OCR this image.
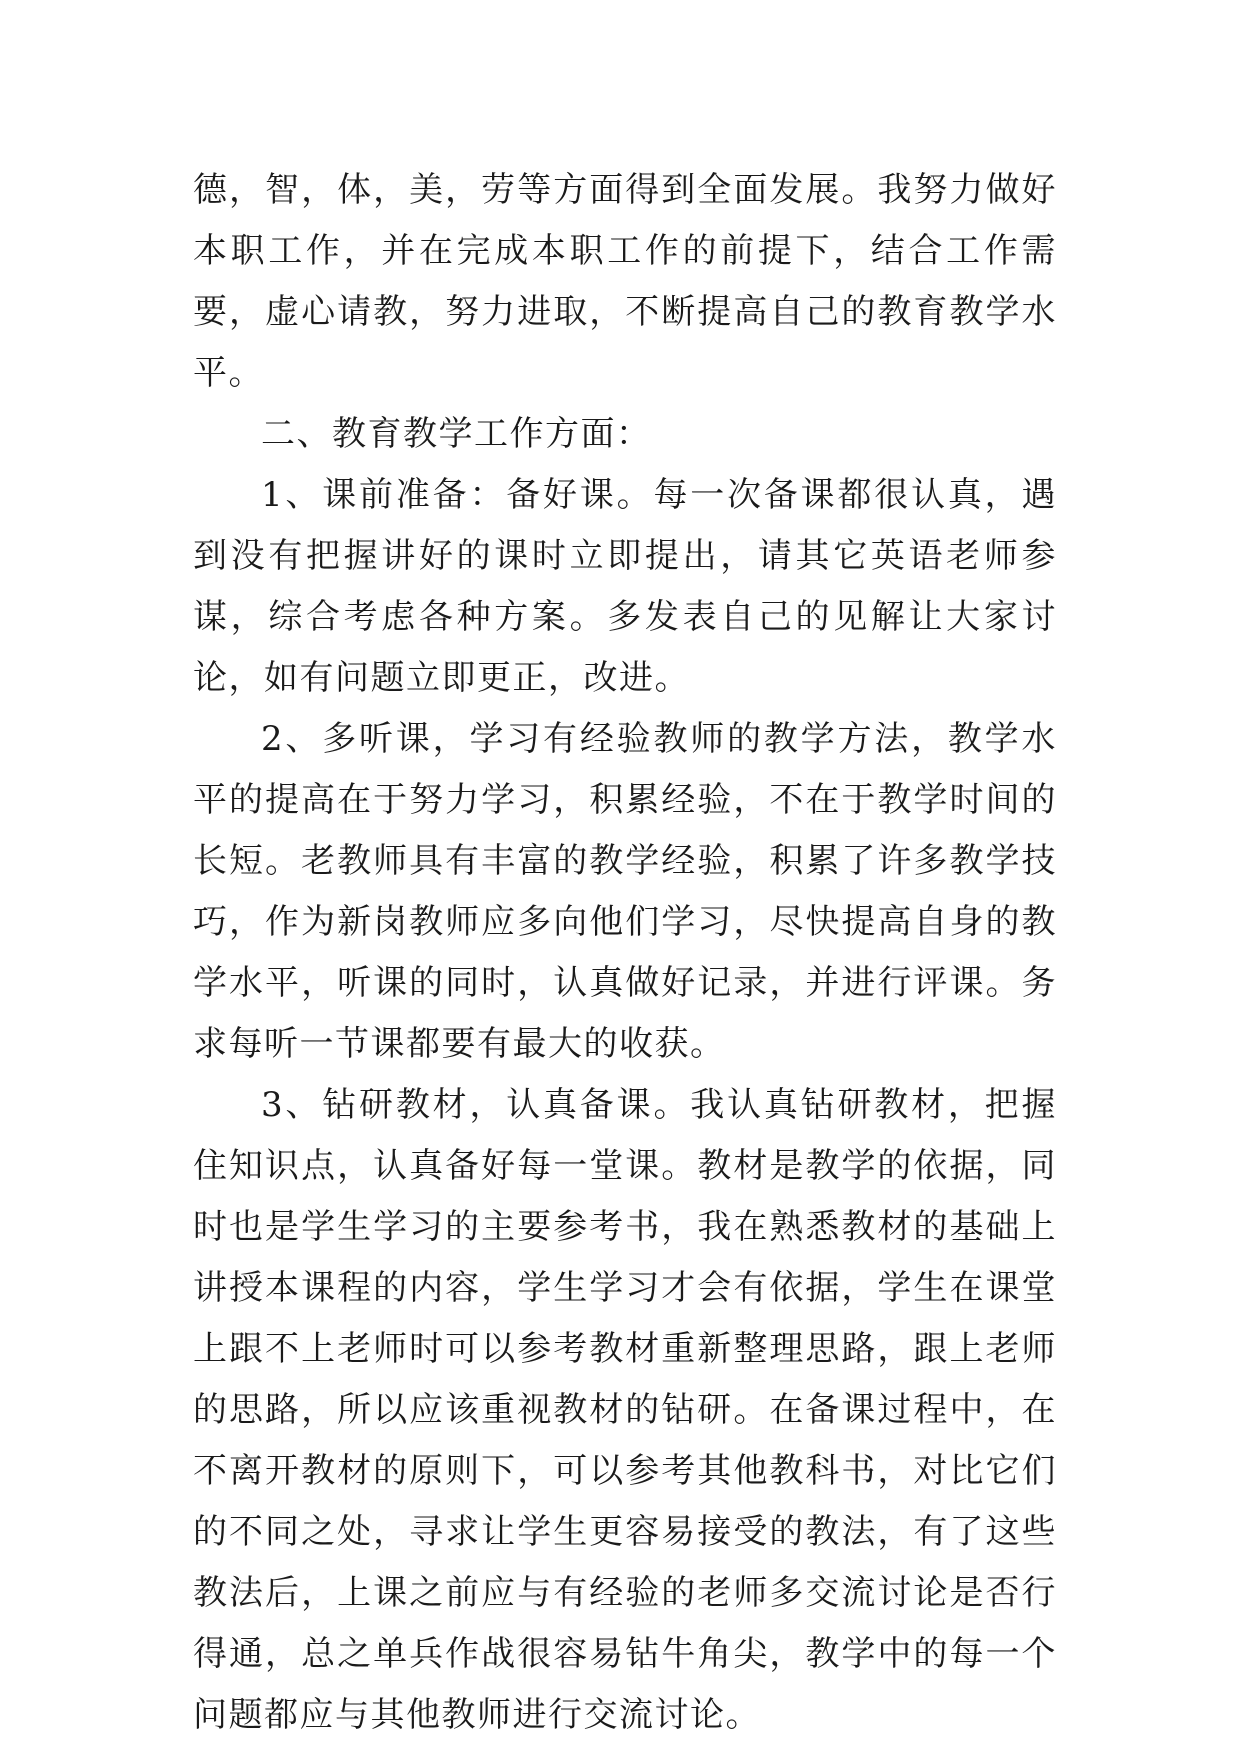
德，智，体，美，劳等方面得到全面发展。我努力做好本职工作，并在完成本职工作的前提下，结合工作需要，虚心请教，努力进取，不断提高自己的教育教学水平。

二、教育教学工作方面：

1、课前准备：备好课。每一次备课都很认真，遇到没有把握讲好的课时立即提出，请其它英语老师参谋，综合考虑各种方案。多发表自己的见解让大家讨论，如有问题立即更正，改进。

2、多听课，学习有经验教师的教学方法，教学水平的提高在于努力学习，积累经验，不在于教学时间的长短。老教师具有丰富的教学经验，积累了许多教学技巧，作为新岗教师应多向他们学习，尽快提高自身的教学水平，听课的同时，认真做好记录，并进行评课。务求每听一节课都要有最大的收获。

3、钻研教材，认真备课。我认真钻研教材，把握住知识点，认真备好每一堂课。教材是教学的依据，同时也是学生学习的主要参考书，我在熟悉教材的基础上讲授本课程的内容，学生学习才会有依据，学生在课堂上跟不上老师时可以参考教材重新整理思路，跟上老师的思路，所以应该重视教材的钻研。在备课过程中，在不离开教材的原则下，可以参考其他教科书，对比它们的不同之处，寻求让学生更容易接受的教法，有了这些教法后，上课之前应与有经验的老师多交流讨论是否行得通，总之单兵作战很容易钻牛角尖，教学中的每一个问题都应与其他教师进行交流讨论。
